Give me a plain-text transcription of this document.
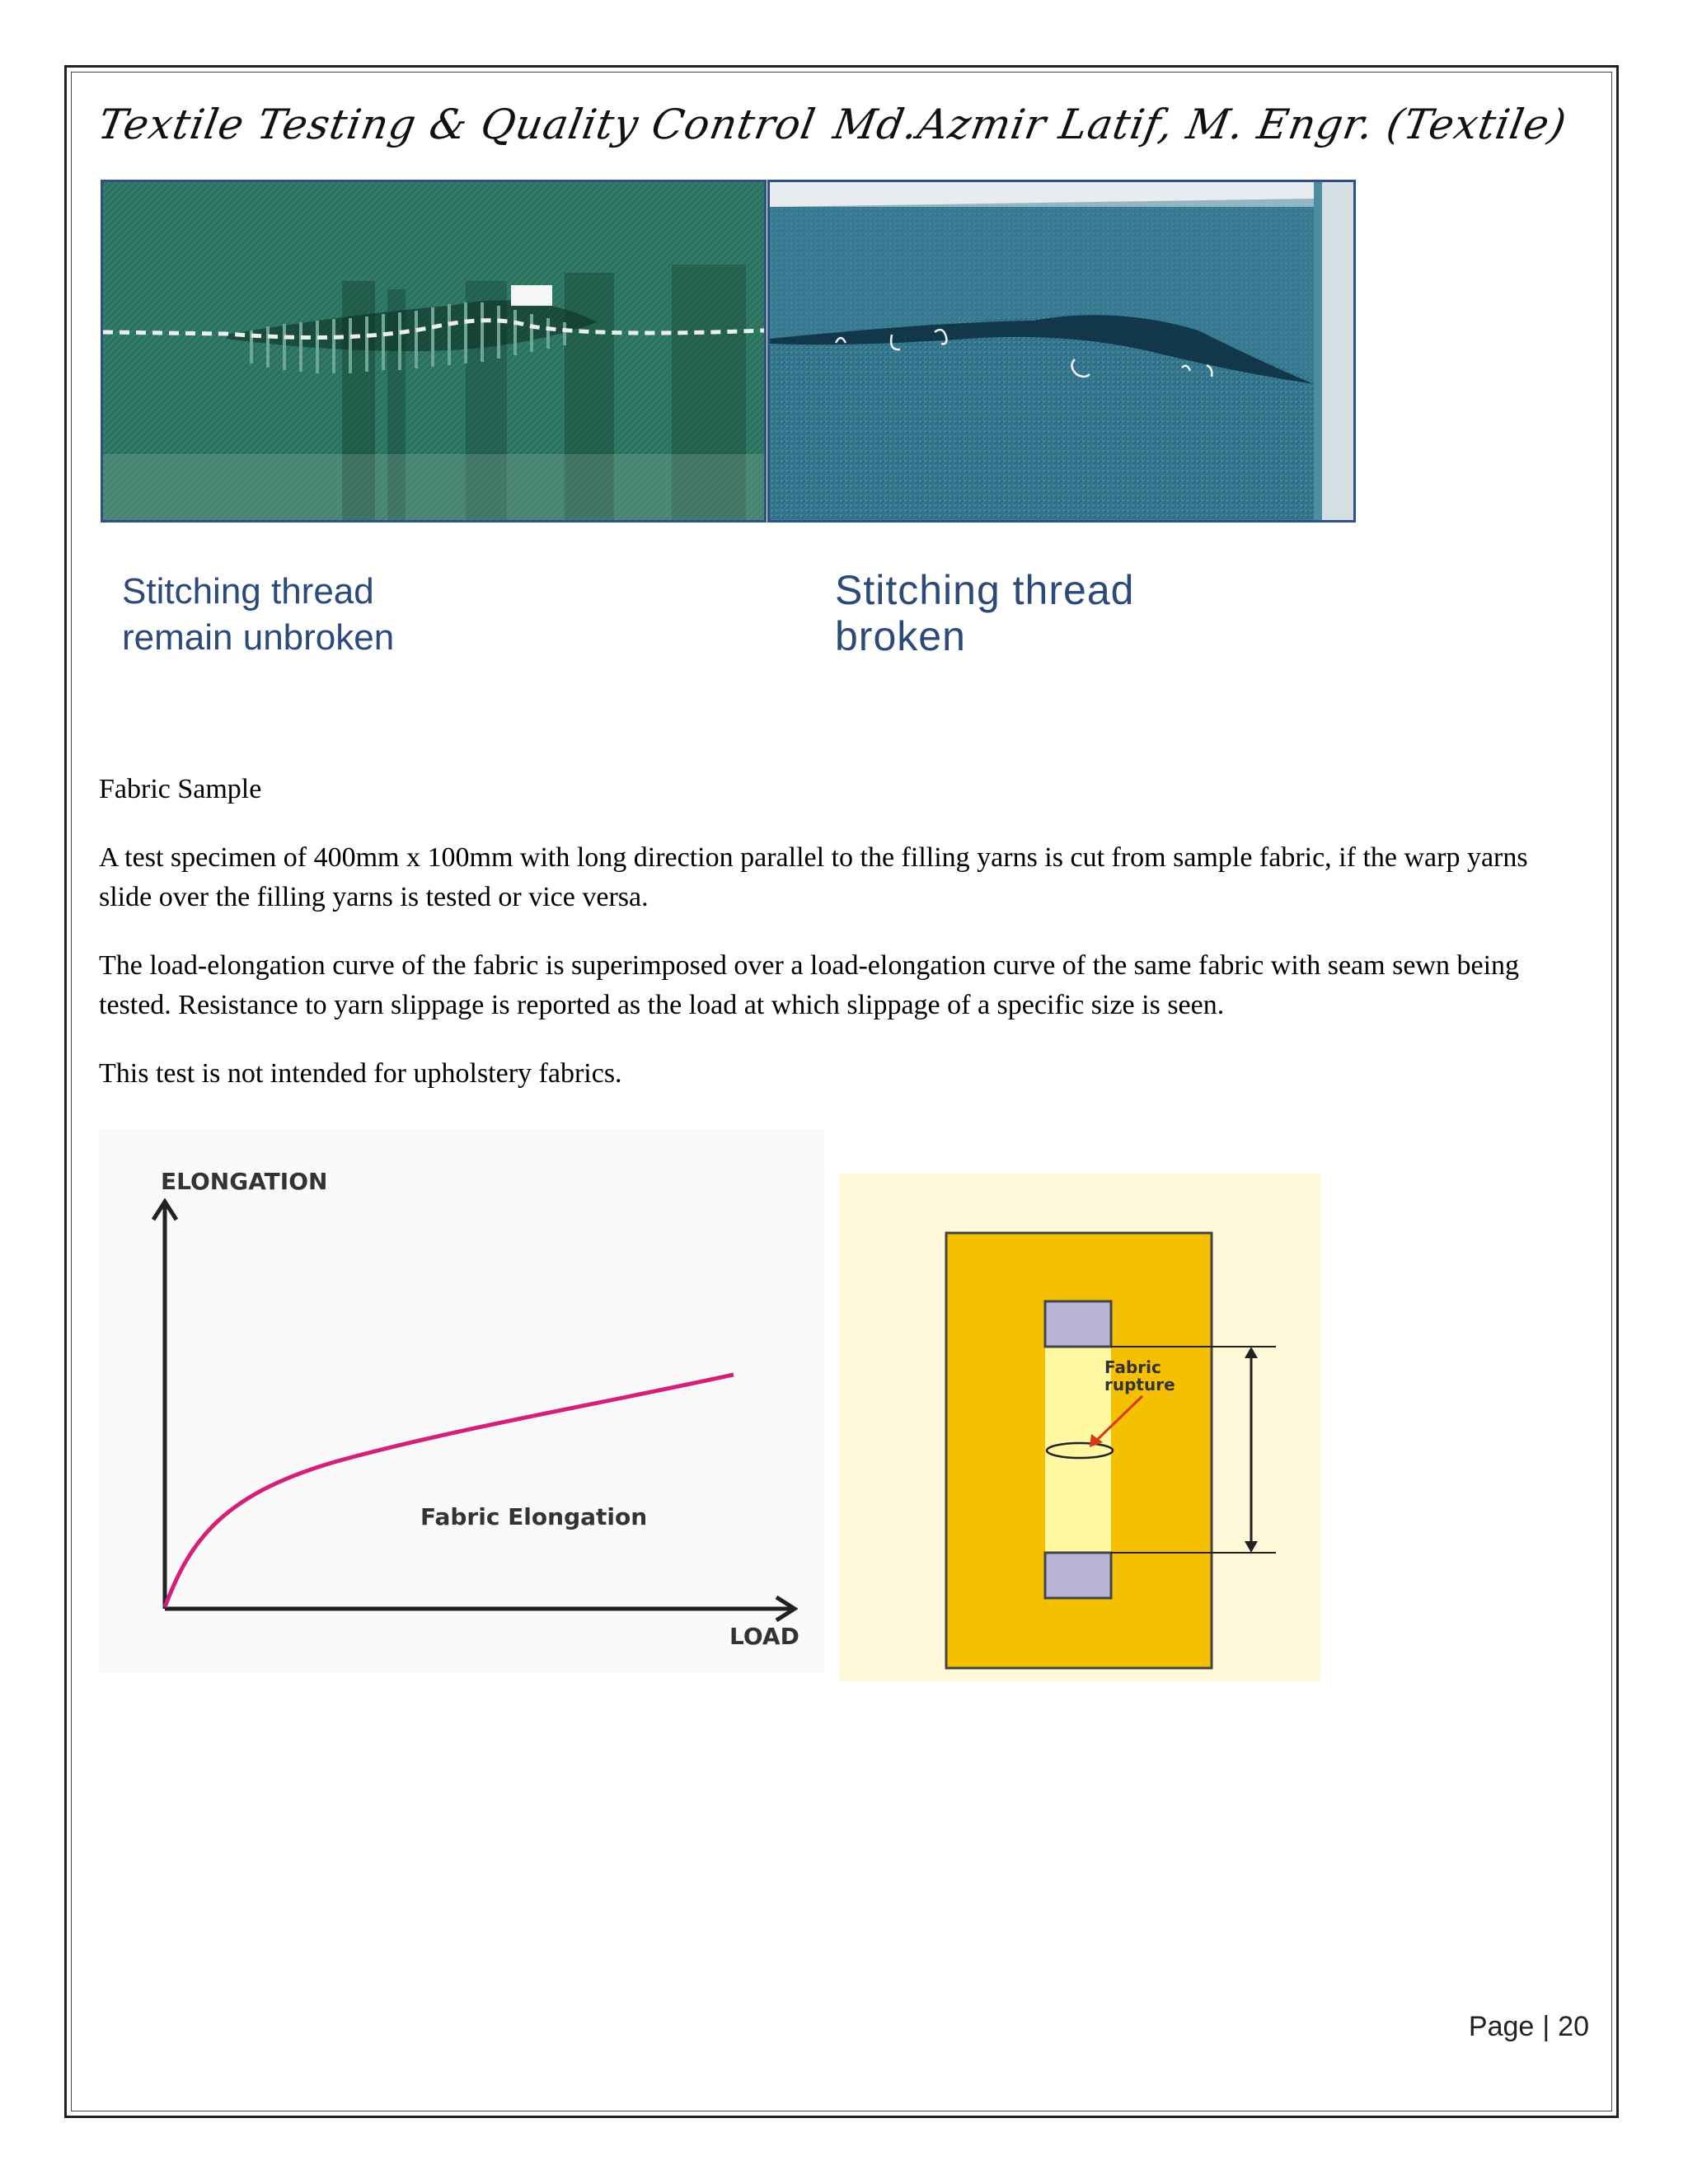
Textile Testing & Quality Control Md.Azmir Latif, M. Engr. (Textile)
Stitching thread
remain unbroken
Stitching thread
broken
Fabric Sample
A test specimen of 400mm x 100mm with long direction parallel to the filling yarns is cut from sample fabric, if the warp yarns slide over the filling yarns is tested or vice versa.
The load-elongation curve of the fabric is superimposed over a load-elongation curve of the same fabric with seam sewn being tested. Resistance to yarn slippage is reported as the load at which slippage of a specific size is seen.
This test is not intended for upholstery fabrics.
ELONGATION
LOAD
Fabric Elongation
Fabric rupture
Page | 20
